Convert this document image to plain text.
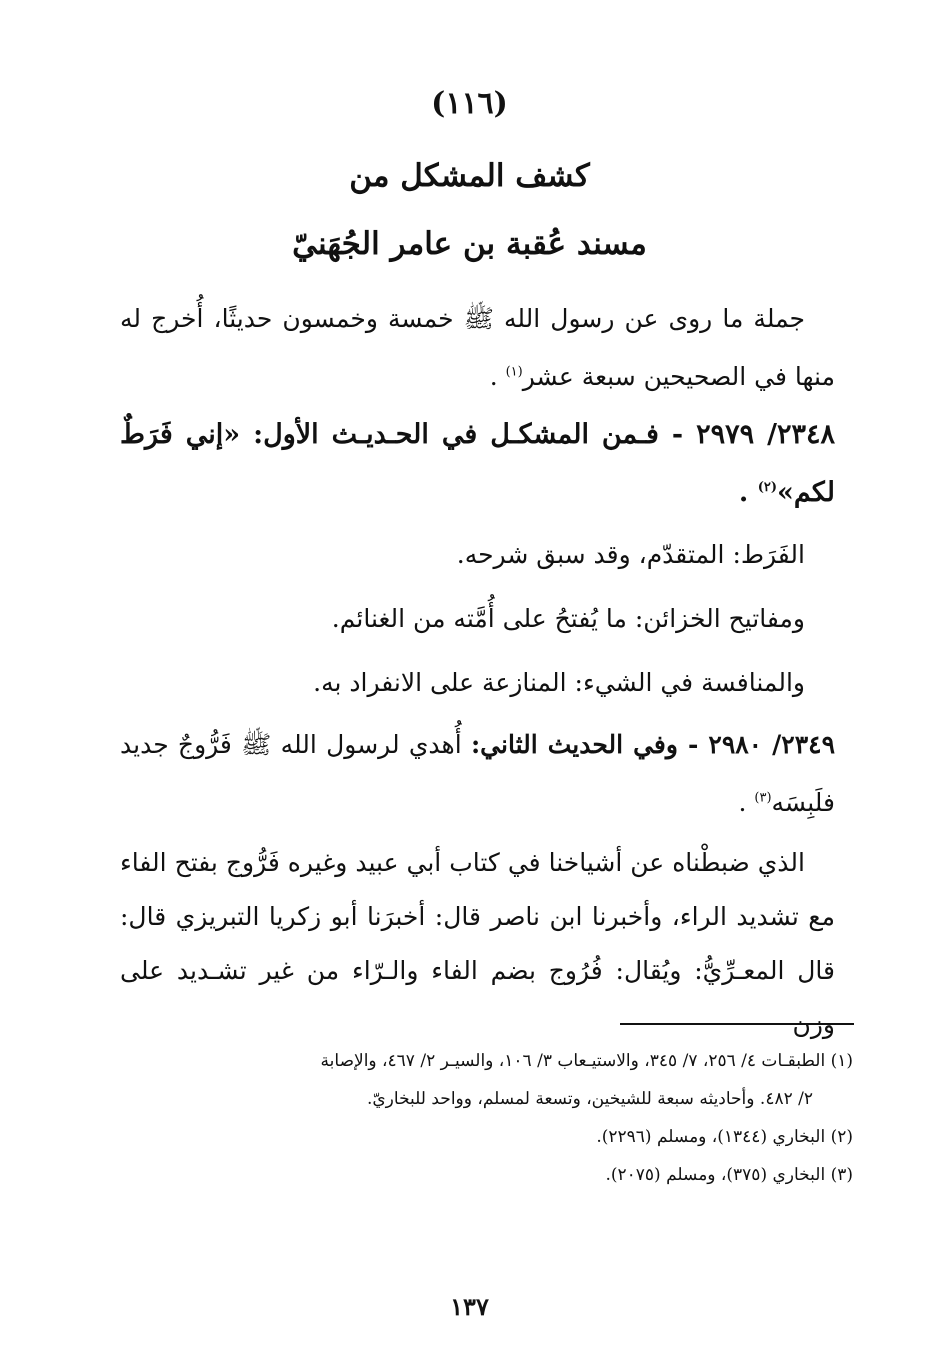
(١١٦)
كشف المشكل من
مسند عُقبة بن عامر الجُهَنيّ
جملة ما روى عن رسول الله ﷺ خمسة وخمسون حديثًا، أُخرج له منها في الصحيحين سبعة عشر$^{(١)}$ .
٢٣٤٨/ ٢٩٧٩ - فـمن المشكـل في الحـديـث الأول: «إني فَرَطٌ لكم»$^{(٢)}$ .
الفَرَط: المتقدّم، وقد سبق شرحه.
ومفاتيح الخزائن: ما يُفتحُ على أُمَّته من الغنائم.
والمنافسة في الشيء: المنازعة على الانفراد به.
٢٣٤٩/ ٢٩٨٠ - وفي الحديث الثاني: أُهدي لرسول الله ﷺ فَرُّوجٌ جديد فلَبِسَه$^{(٣)}$ .
الذي ضبطْناه عن أشياخنا في كتاب أبي عبيد وغيره فَرُّوج بفتح الفاء مع تشديد الراء، وأخبرنا ابن ناصر قال: أخبرَنا أبو زكريا التبريزي قال: قال المعـرِّيُّ: ويُقال: فُرُوج بضم الفاء والـرّاء من غير تشـديد على وزن

(١) الطبقـات ٤/ ٢٥٦، ٧/ ٣٤٥، والاستيـعاب ٣/ ١٠٦، والسيـر ٢/ ٤٦٧، والإصابة

٢/ ٤٨٢. وأحاديثه سبعة للشيخين، وتسعة لمسلم، وواحد للبخاريّ.

(٢) البخاري (١٣٤٤)، ومسلم (٢٢٩٦).

(٣) البخاري (٣٧٥)، ومسلم (٢٠٧٥).

١٣٧
